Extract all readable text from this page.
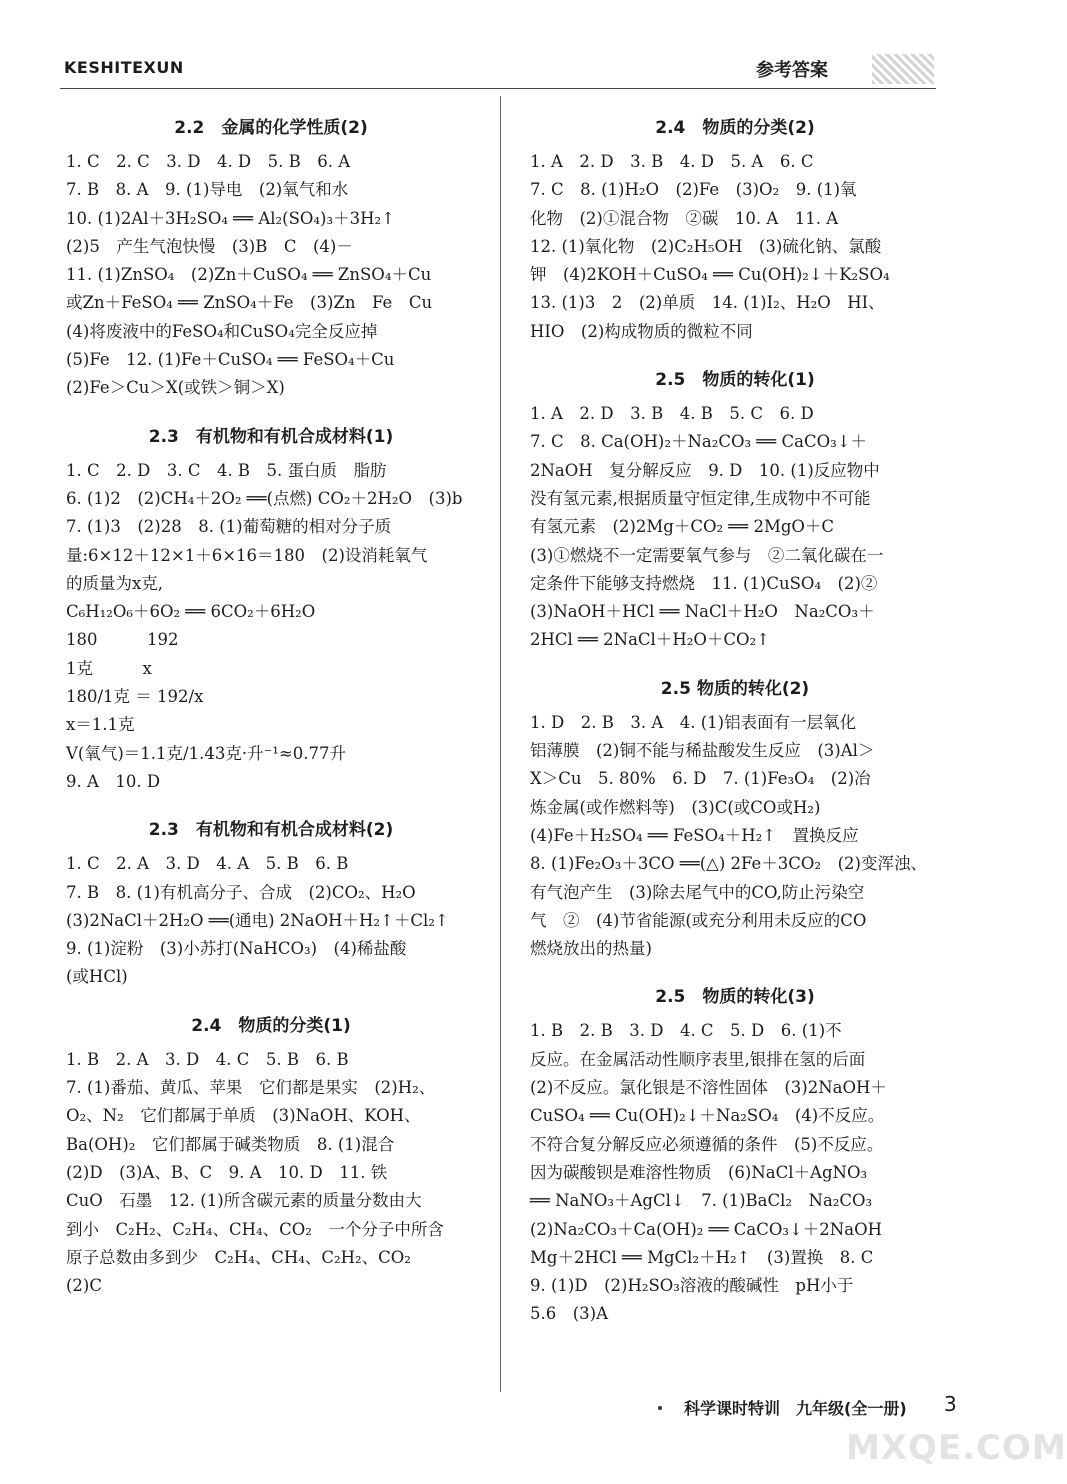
KESHITEXUN	参考答案
2.2　金属的化学性质(2)
1. C　2. C　3. D　4. D　5. B　6. A
7. B　8. A　9. (1)导电　(2)氧气和水
10. (1)2Al＋3H₂SO₄ ══ Al₂(SO₄)₃＋3H₂↑
(2)5　产生气泡快慢　(3)B　C　(4)－
11. (1)ZnSO₄　(2)Zn＋CuSO₄ ══ ZnSO₄＋Cu
或Zn＋FeSO₄ ══ ZnSO₄＋Fe　(3)Zn　Fe　Cu
(4)将废液中的FeSO₄和CuSO₄完全反应掉
(5)Fe　12. (1)Fe＋CuSO₄ ══ FeSO₄＋Cu
(2)Fe＞Cu＞X(或铁＞铜＞X)
2.3　有机物和有机合成材料(1)
1. C　2. D　3. C　4. B　5. 蛋白质　脂肪
6. (1)2　(2)CH₄＋2O₂ ══(点燃) CO₂＋2H₂O　(3)b
7. (1)3　(2)28　8. (1)葡萄糖的相对分子质
量:6×12＋12×1＋6×16＝180　(2)设消耗氧气
的质量为x克,
C₆H₁₂O₆＋6O₂ ══ 6CO₂＋6H₂O
180　　　192
1克　　　x
180/1克 ＝ 192/x
x＝1.1克
V(氧气)＝1.1克/1.43克·升⁻¹≈0.77升
9. A　10. D
2.3　有机物和有机合成材料(2)
1. C　2. A　3. D　4. A　5. B　6. B
7. B　8. (1)有机高分子、合成　(2)CO₂、H₂O
(3)2NaCl＋2H₂O ══(通电) 2NaOH＋H₂↑＋Cl₂↑
9. (1)淀粉　(3)小苏打(NaHCO₃)　(4)稀盐酸
(或HCl)
2.4　物质的分类(1)
1. B　2. A　3. D　4. C　5. B　6. B
7. (1)番茄、黄瓜、苹果　它们都是果实　(2)H₂、
O₂、N₂　它们都属于单质　(3)NaOH、KOH、
Ba(OH)₂　它们都属于碱类物质　8. (1)混合
(2)D　(3)A、B、C　9. A　10. D　11. 铁
CuO　石墨　12. (1)所含碳元素的质量分数由大
到小　C₂H₂、C₂H₄、CH₄、CO₂　一个分子中所含
原子总数由多到少　C₂H₄、CH₄、C₂H₂、CO₂
(2)C
2.4　物质的分类(2)
1. A　2. D　3. B　4. D　5. A　6. C
7. C　8. (1)H₂O　(2)Fe　(3)O₂　9. (1)氧
化物　(2)①混合物　②碳　10. A　11. A
12. (1)氧化物　(2)C₂H₅OH　(3)硫化钠、氯酸
钾　(4)2KOH＋CuSO₄ ══ Cu(OH)₂↓＋K₂SO₄
13. (1)3　2　(2)单质　14. (1)I₂、H₂O　HI、
HIO　(2)构成物质的微粒不同
2.5　物质的转化(1)
1. A　2. D　3. B　4. B　5. C　6. D
7. C　8. Ca(OH)₂＋Na₂CO₃ ══ CaCO₃↓＋
2NaOH　复分解反应　9. D　10. (1)反应物中
没有氢元素,根据质量守恒定律,生成物中不可能
有氢元素　(2)2Mg＋CO₂ ══ 2MgO＋C
(3)①燃烧不一定需要氧气参与　②二氧化碳在一
定条件下能够支持燃烧　11. (1)CuSO₄　(2)②
(3)NaOH＋HCl ══ NaCl＋H₂O　Na₂CO₃＋
2HCl ══ 2NaCl＋H₂O＋CO₂↑
2.5 物质的转化(2)
1. D　2. B　3. A　4. (1)铝表面有一层氧化
铝薄膜　(2)铜不能与稀盐酸发生反应　(3)Al＞
X＞Cu　5. 80%　6. D　7. (1)Fe₃O₄　(2)冶
炼金属(或作燃料等)　(3)C(或CO或H₂)
(4)Fe＋H₂SO₄ ══ FeSO₄＋H₂↑　置换反应
8. (1)Fe₂O₃＋3CO ══(△) 2Fe＋3CO₂　(2)变浑浊、
有气泡产生　(3)除去尾气中的CO,防止污染空
气　②　(4)节省能源(或充分利用未反应的CO
燃烧放出的热量)
2.5　物质的转化(3)
1. B　2. B　3. D　4. C　5. D　6. (1)不
反应。在金属活动性顺序表里,银排在氢的后面
(2)不反应。氯化银是不溶性固体　(3)2NaOH＋
CuSO₄ ══ Cu(OH)₂↓＋Na₂SO₄　(4)不反应。
不符合复分解反应必须遵循的条件　(5)不反应。
因为碳酸钡是难溶性物质　(6)NaCl＋AgNO₃
══ NaNO₃＋AgCl↓　7. (1)BaCl₂　Na₂CO₃
(2)Na₂CO₃＋Ca(OH)₂ ══ CaCO₃↓＋2NaOH
Mg＋2HCl ══ MgCl₂＋H₂↑　(3)置换　8. C
9. (1)D　(2)H₂SO₃溶液的酸碱性　pH小于
5.6　(3)A
科学课时特训　九年级(全一册) 3
MXQE.COM
